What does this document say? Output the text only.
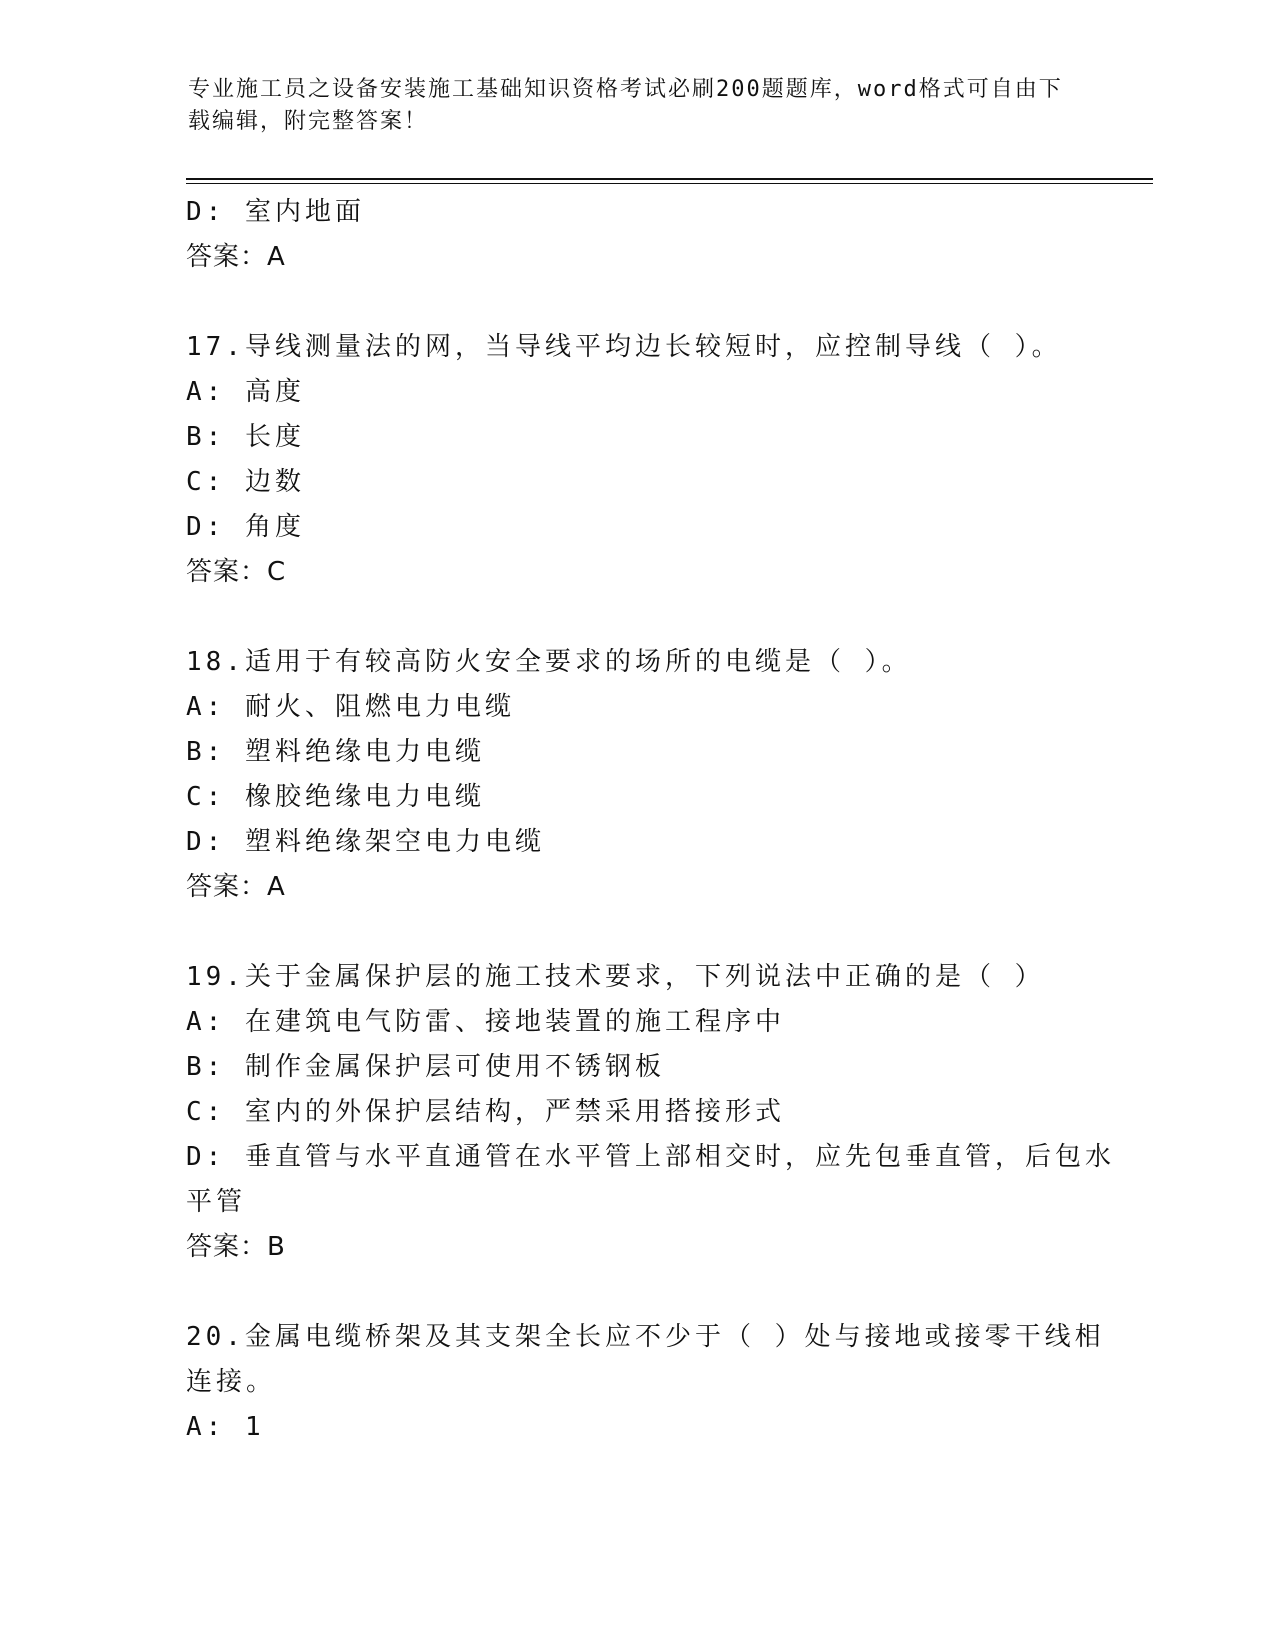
专业施工员之设备安装施工基础知识资格考试必刷200题题库，word格式可自由下载编辑，附完整答案！
D: 室内地面
答案：A
17.导线测量法的网，当导线平均边长较短时，应控制导线（ ）。
A: 高度
B: 长度
C: 边数
D: 角度
答案：C
18.适用于有较高防火安全要求的场所的电缆是（ ）。
A: 耐火、阻燃电力电缆
B: 塑料绝缘电力电缆
C: 橡胶绝缘电力电缆
D: 塑料绝缘架空电力电缆
答案：A
19.关于金属保护层的施工技术要求，下列说法中正确的是（ ）
A: 在建筑电气防雷、接地装置的施工程序中
B: 制作金属保护层可使用不锈钢板
C: 室内的外保护层结构，严禁采用搭接形式
D: 垂直管与水平直通管在水平管上部相交时，应先包垂直管，后包水
平管
答案：B
20.金属电缆桥架及其支架全长应不少于（ ）处与接地或接零干线相
连接。
A: 1
